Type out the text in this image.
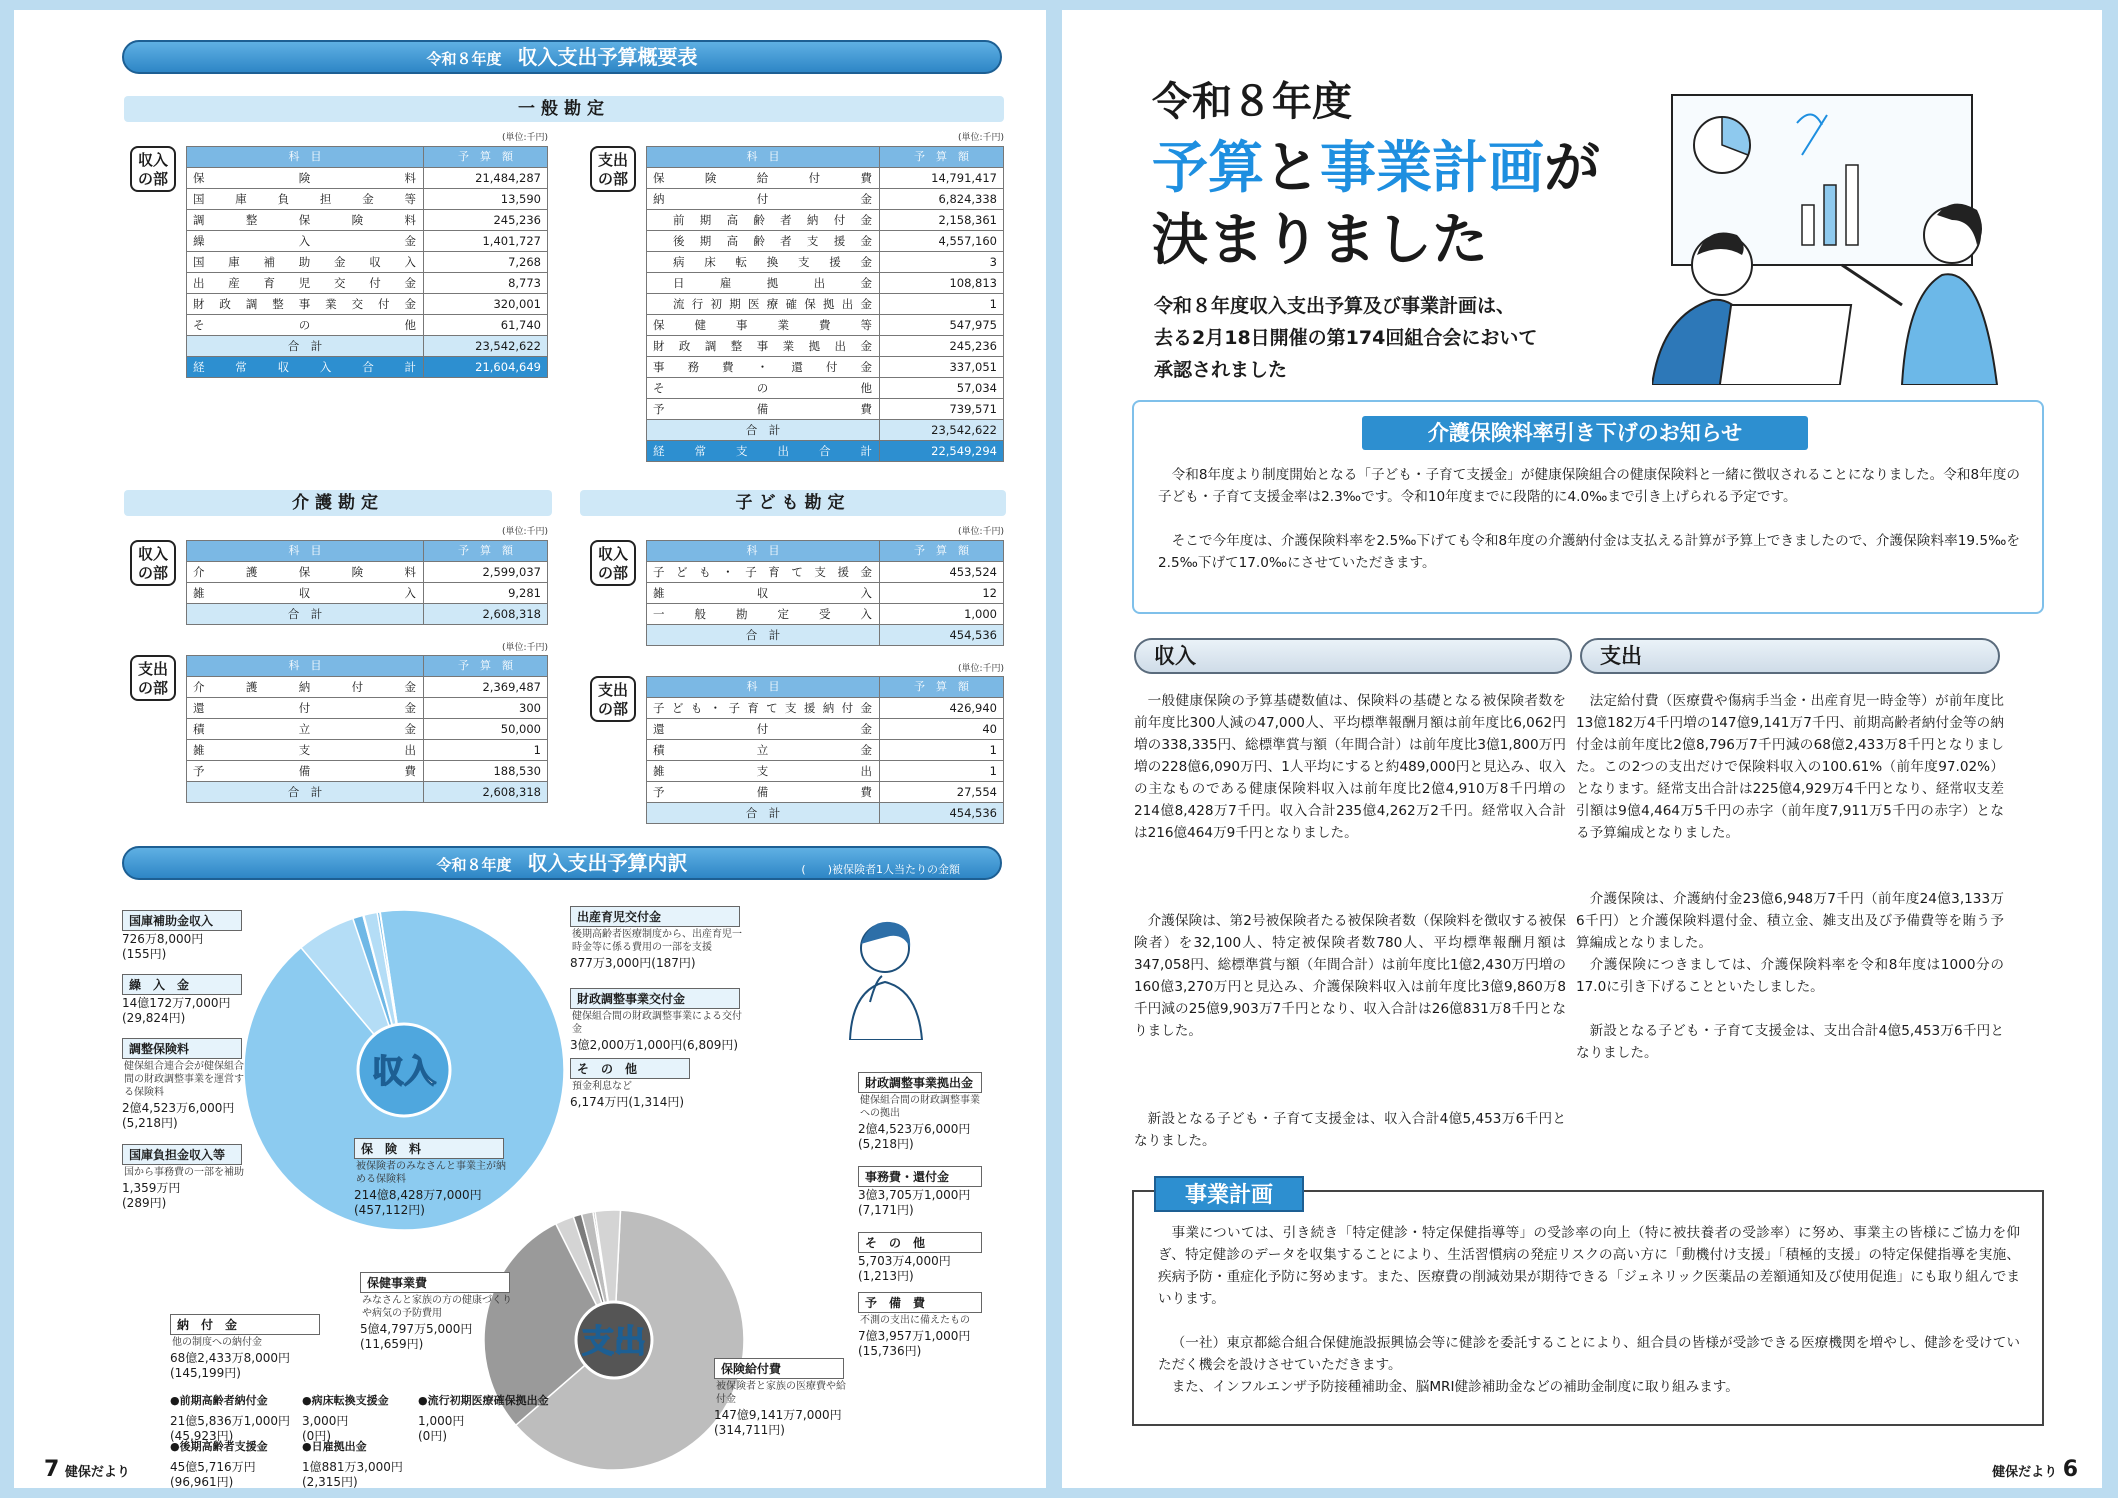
令和８年度 収入支出予算概要表
一般勘定
収入の部
(単位:千円)
科　目	予　算　額
保険料	21,484,287
国庫負担金等	13,590
調整保険料	245,236
繰入金	1,401,727
国庫補助金収入	7,268
出産育児交付金	8,773
財政調整事業交付金	320,001
その他	61,740
合　計	23,542,622
経常収入合計	21,604,649
支出の部
(単位:千円)
科　目	予　算　額
保険給付費	14,791,417
納付金	6,824,338
前期高齢者納付金	2,158,361
後期高齢者支援金	4,557,160
病床転換支援金	3
日雇拠出金	108,813
流行初期医療確保拠出金	1
保健事業費等	547,975
財政調整事業拠出金	245,236
事務費・還付金	337,051
その他	57,034
予備費	739,571
合　計	23,542,622
経常支出合計	22,549,294
介護勘定	子ども勘定
収入の部
(単位:千円)
科　目	予　算　額
介護保険料	2,599,037
雑収入	9,281
合　計	2,608,318
支出の部
(単位:千円)
科　目	予　算　額
介護納付金	2,369,487
還付金	300
積立金	50,000
雑支出	1
予備費	188,530
合　計	2,608,318
収入の部
(単位:千円)
科　目	予　算　額
子ども・子育て支援金	453,524
雑収入	12
一般勘定受入	1,000
合　計	454,536
支出の部
(単位:千円)
科　目	予　算　額
子ども・子育て支援納付金	426,940
還付金	40
積立金	1
雑支出	1
予備費	27,554
合　計	454,536
令和８年度 収入支出予算内訳	(　　)被保険者1人当たりの金額
収入
支出
国庫補助金収入
726万8,000円
(155円)
繰　入　金
14億172万7,000円
(29,824円)
調整保険料
健保組合連合会が健保組合間の財政調整事業を運営する保険料
2億4,523万6,000円
(5,218円)
国庫負担金収入等
国から事務費の一部を補助
1,359万円
(289円)
出産育児交付金
後期高齢者医療制度から、出産育児一時金等に係る費用の一部を支援
877万3,000円(187円)
財政調整事業交付金
健保組合間の財政調整事業による交付金
3億2,000万1,000円(6,809円)
そ　の　他
預金利息など
6,174万円(1,314円)
保　険　料
被保険者のみなさんと事業主が納める保険料
214億8,428万7,000円
(457,112円)
財政調整事業拠出金
健保組合間の財政調整事業への拠出
2億4,523万6,000円
(5,218円)
事務費・還付金
3億3,705万1,000円
(7,171円)
そ　の　他
5,703万4,000円
(1,213円)
予　備　費
不測の支出に備えたもの
7億3,957万1,000円
(15,736円)
保険給付費
被保険者と家族の医療費や給付金
147億9,141万7,000円
(314,711円)
保健事業費
みなさんと家族の方の健康づくりや病気の予防費用
5億4,797万5,000円
(11,659円)
納　付　金
他の制度への納付金
68億2,433万8,000円
(145,199円)
●前期高齢者納付金
21億5,836万1,000円
(45,923円)
●病床転換支援金
3,000円
(0円)
●流行初期医療確保拠出金
1,000円
(0円)
●後期高齢者支援金
45億5,716万円
(96,961円)
●日雇拠出金
1億881万3,000円
(2,315円)
7 健保だより
令和８年度
予算と事業計画が
決まりました
令和８年度収入支出予算及び事業計画は、
去る2月18日開催の第174回組合会において
承認されました
介護保険料率引き下げのお知らせ
令和8年度より制度開始となる「子ども・子育て支援金」が健康保険組合の健康保険料と一緒に徴収されることになりました。令和8年度の子ども・子育て支援金率は2.3‰です。令和10年度までに段階的に4.0‰まで引き上げられる予定です。
そこで今年度は、介護保険料率を2.5‰下げても令和8年度の介護納付金は支払える計算が予算上できましたので、介護保険料率19.5‰を2.5‰下げて17.0‰にさせていただきます。
収入	支出
一般健康保険の予算基礎数値は、保険料の基礎となる被保険者数を前年度比300人減の47,000人、平均標準報酬月額は前年度比6,062円増の338,335円、総標準賞与額（年間合計）は前年度比3億1,800万円増の228億6,090万円、1人平均にすると約489,000円と見込み、収入の主なものである健康保険料収入は前年度比2億4,910万8千円増の214億8,428万7千円。収入合計235億4,262万2千円。経常収入合計は216億464万9千円となりました。
介護保険は、第2号被保険者たる被保険者数（保険料を徴収する被保険者）を32,100人、特定被保険者数780人、平均標準報酬月額は347,058円、総標準賞与額（年間合計）は前年度比1億2,430万円増の160億3,270万円と見込み、介護保険料収入は前年度比3億9,860万8千円減の25億9,903万7千円となり、収入合計は26億831万8千円となりました。
新設となる子ども・子育て支援金は、収入合計4億5,453万6千円となりました。
法定給付費（医療費や傷病手当金・出産育児一時金等）が前年度比13億182万4千円増の147億9,141万7千円、前期高齢者納付金等の納付金は前年度比2億8,796万7千円減の68億2,433万8千円となりました。この2つの支出だけで保険料収入の100.61%（前年度97.02%）となります。経常支出合計は225億4,929万4千円となり、経常収支差引額は9億4,464万5千円の赤字（前年度7,911万5千円の赤字）となる予算編成となりました。
介護保険は、介護納付金23億6,948万7千円（前年度24億3,133万6千円）と介護保険料還付金、積立金、雑支出及び予備費等を賄う予算編成となりました。
介護保険につきましては、介護保険料率を令和8年度は1000分の17.0に引き下げることといたしました。
新設となる子ども・子育て支援金は、支出合計4億5,453万6千円となりました。
事業計画
事業については、引き続き「特定健診・特定保健指導等」の受診率の向上（特に被扶養者の受診率）に努め、事業主の皆様にご協力を仰ぎ、特定健診のデータを収集することにより、生活習慣病の発症リスクの高い方に「動機付け支援」「積極的支援」の特定保健指導を実施、疾病予防・重症化予防に努めます。また、医療費の削減効果が期待できる「ジェネリック医薬品の差額通知及び使用促進」にも取り組んでまいります。
（一社）東京都総合組合保健施設振興協会等に健診を委託することにより、組合員の皆様が受診できる医療機関を増やし、健診を受けていただく機会を設けさせていただきます。
また、インフルエンザ予防接種補助金、脳MRI健診補助金などの補助金制度に取り組みます。
健保だより 6
